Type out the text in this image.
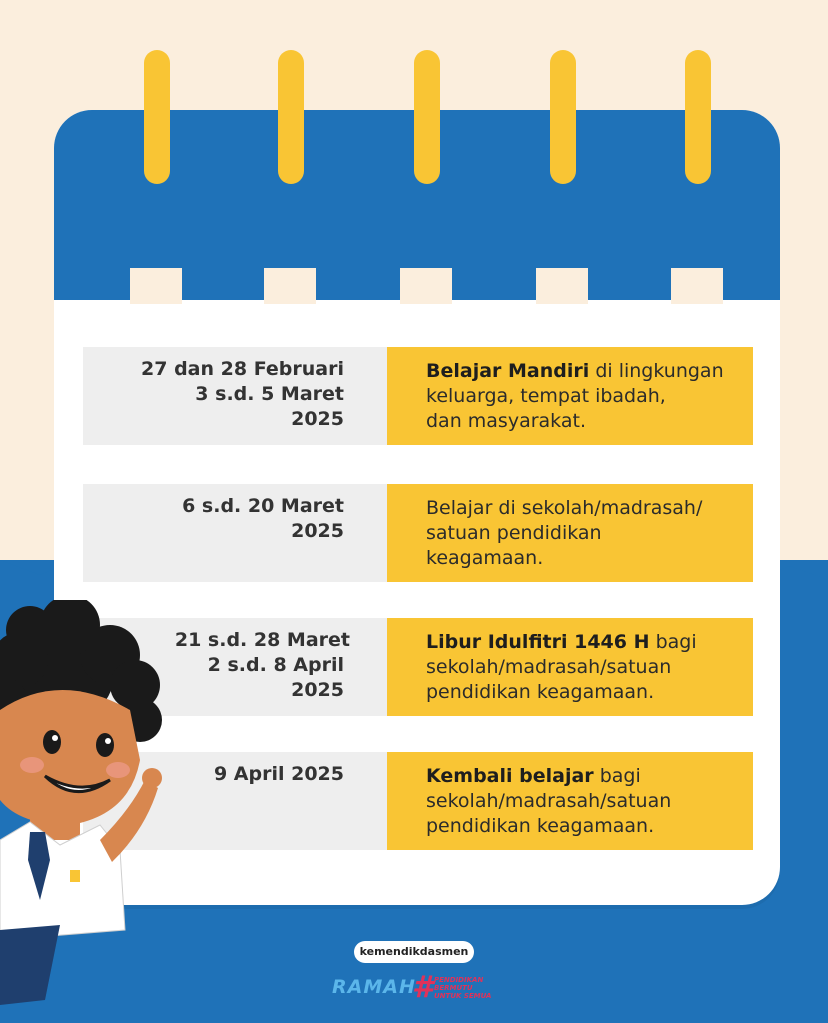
27 dan 28 Februari
3 s.d. 5 Maret
2025
Belajar Mandiri di lingkungan
keluarga, tempat ibadah,
dan masyarakat.
6 s.d. 20 Maret
2025
Belajar di sekolah/madrasah/
satuan pendidikan
keagamaan.
21 s.d. 28 Maret
2 s.d. 8 April
2025
Libur Idulfitri 1446 H bagi
sekolah/madrasah/satuan
pendidikan keagamaan.
9 April 2025	Kembali belajar bagi
sekolah/madrasah/satuan
pendidikan keagamaan.
kemendikdasmen
RAMAH
# PENDIDIKAN
BERMUTU
UNTUK SEMUA
